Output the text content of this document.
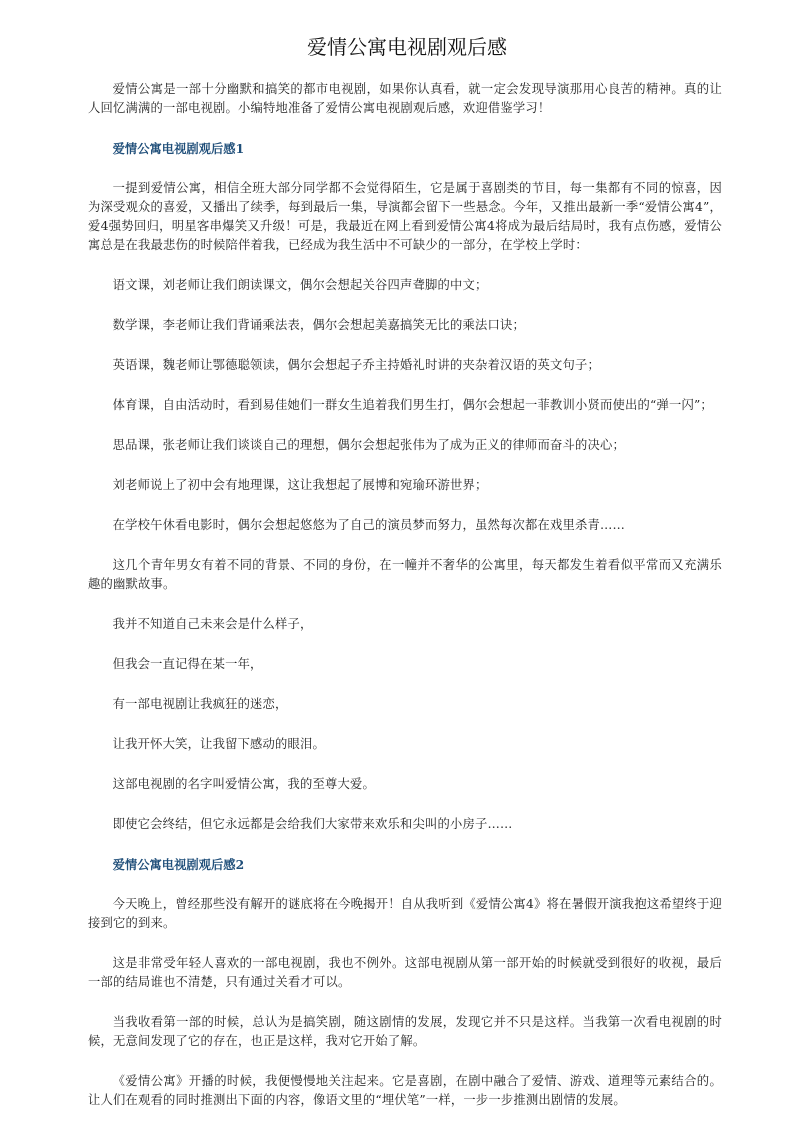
爱情公寓电视剧观后感

爱情公寓是一部十分幽默和搞笑的都市电视剧，如果你认真看，就一定会发现导演那用心良苦的精神。真的让人回忆满满的一部电视剧。小编特地准备了爱情公寓电视剧观后感，欢迎借鉴学习！

爱情公寓电视剧观后感1

一提到爱情公寓，相信全班大部分同学都不会觉得陌生，它是属于喜剧类的节目，每一集都有不同的惊喜，因为深受观众的喜爱，又播出了续季，每到最后一集，导演都会留下一些悬念。今年，又推出最新一季“爱情公寓4”，爱4强势回归，明星客串爆笑又升级！可是，我最近在网上看到爱情公寓4将成为最后结局时，我有点伤感，爱情公寓总是在我最悲伤的时候陪伴着我，已经成为我生活中不可缺少的一部分，在学校上学时：

语文课，刘老师让我们朗读课文，偶尔会想起关谷四声聋脚的中文；

数学课，李老师让我们背诵乘法表，偶尔会想起美嘉搞笑无比的乘法口诀；

英语课，魏老师让鄂德聪领读，偶尔会想起子乔主持婚礼时讲的夹杂着汉语的英文句子；

体育课，自由活动时，看到易佳她们一群女生追着我们男生打，偶尔会想起一菲教训小贤而使出的“弹一闪”；

思品课，张老师让我们谈谈自己的理想，偶尔会想起张伟为了成为正义的律师而奋斗的决心；

刘老师说上了初中会有地理课，这让我想起了展博和宛瑜环游世界；

在学校午休看电影时，偶尔会想起悠悠为了自己的演员梦而努力，虽然每次都在戏里杀青……

这几个青年男女有着不同的背景、不同的身份，在一幢并不奢华的公寓里，每天都发生着看似平常而又充满乐趣的幽默故事。

我并不知道自己未来会是什么样子，

但我会一直记得在某一年，

有一部电视剧让我疯狂的迷恋，

让我开怀大笑，让我留下感动的眼泪。

这部电视剧的名字叫爱情公寓，我的至尊大爱。

即使它会终结，但它永远都是会给我们大家带来欢乐和尖叫的小房子……

爱情公寓电视剧观后感2

今天晚上，曾经那些没有解开的谜底将在今晚揭开！自从我听到《爱情公寓4》将在暑假开演我抱这希望终于迎接到它的到来。

这是非常受年轻人喜欢的一部电视剧，我也不例外。这部电视剧从第一部开始的时候就受到很好的收视，最后一部的结局谁也不清楚，只有通过关看才可以。

当我收看第一部的时候，总认为是搞笑剧，随这剧情的发展，发现它并不只是这样。当我第一次看电视剧的时候，无意间发现了它的存在，也正是这样，我对它开始了解。

《爱情公寓》开播的时候，我便慢慢地关注起来。它是喜剧，在剧中融合了爱情、游戏、道理等元素结合的。让人们在观看的同时推测出下面的内容，像语文里的“埋伏笔”一样，一步一步推测出剧情的发展。
